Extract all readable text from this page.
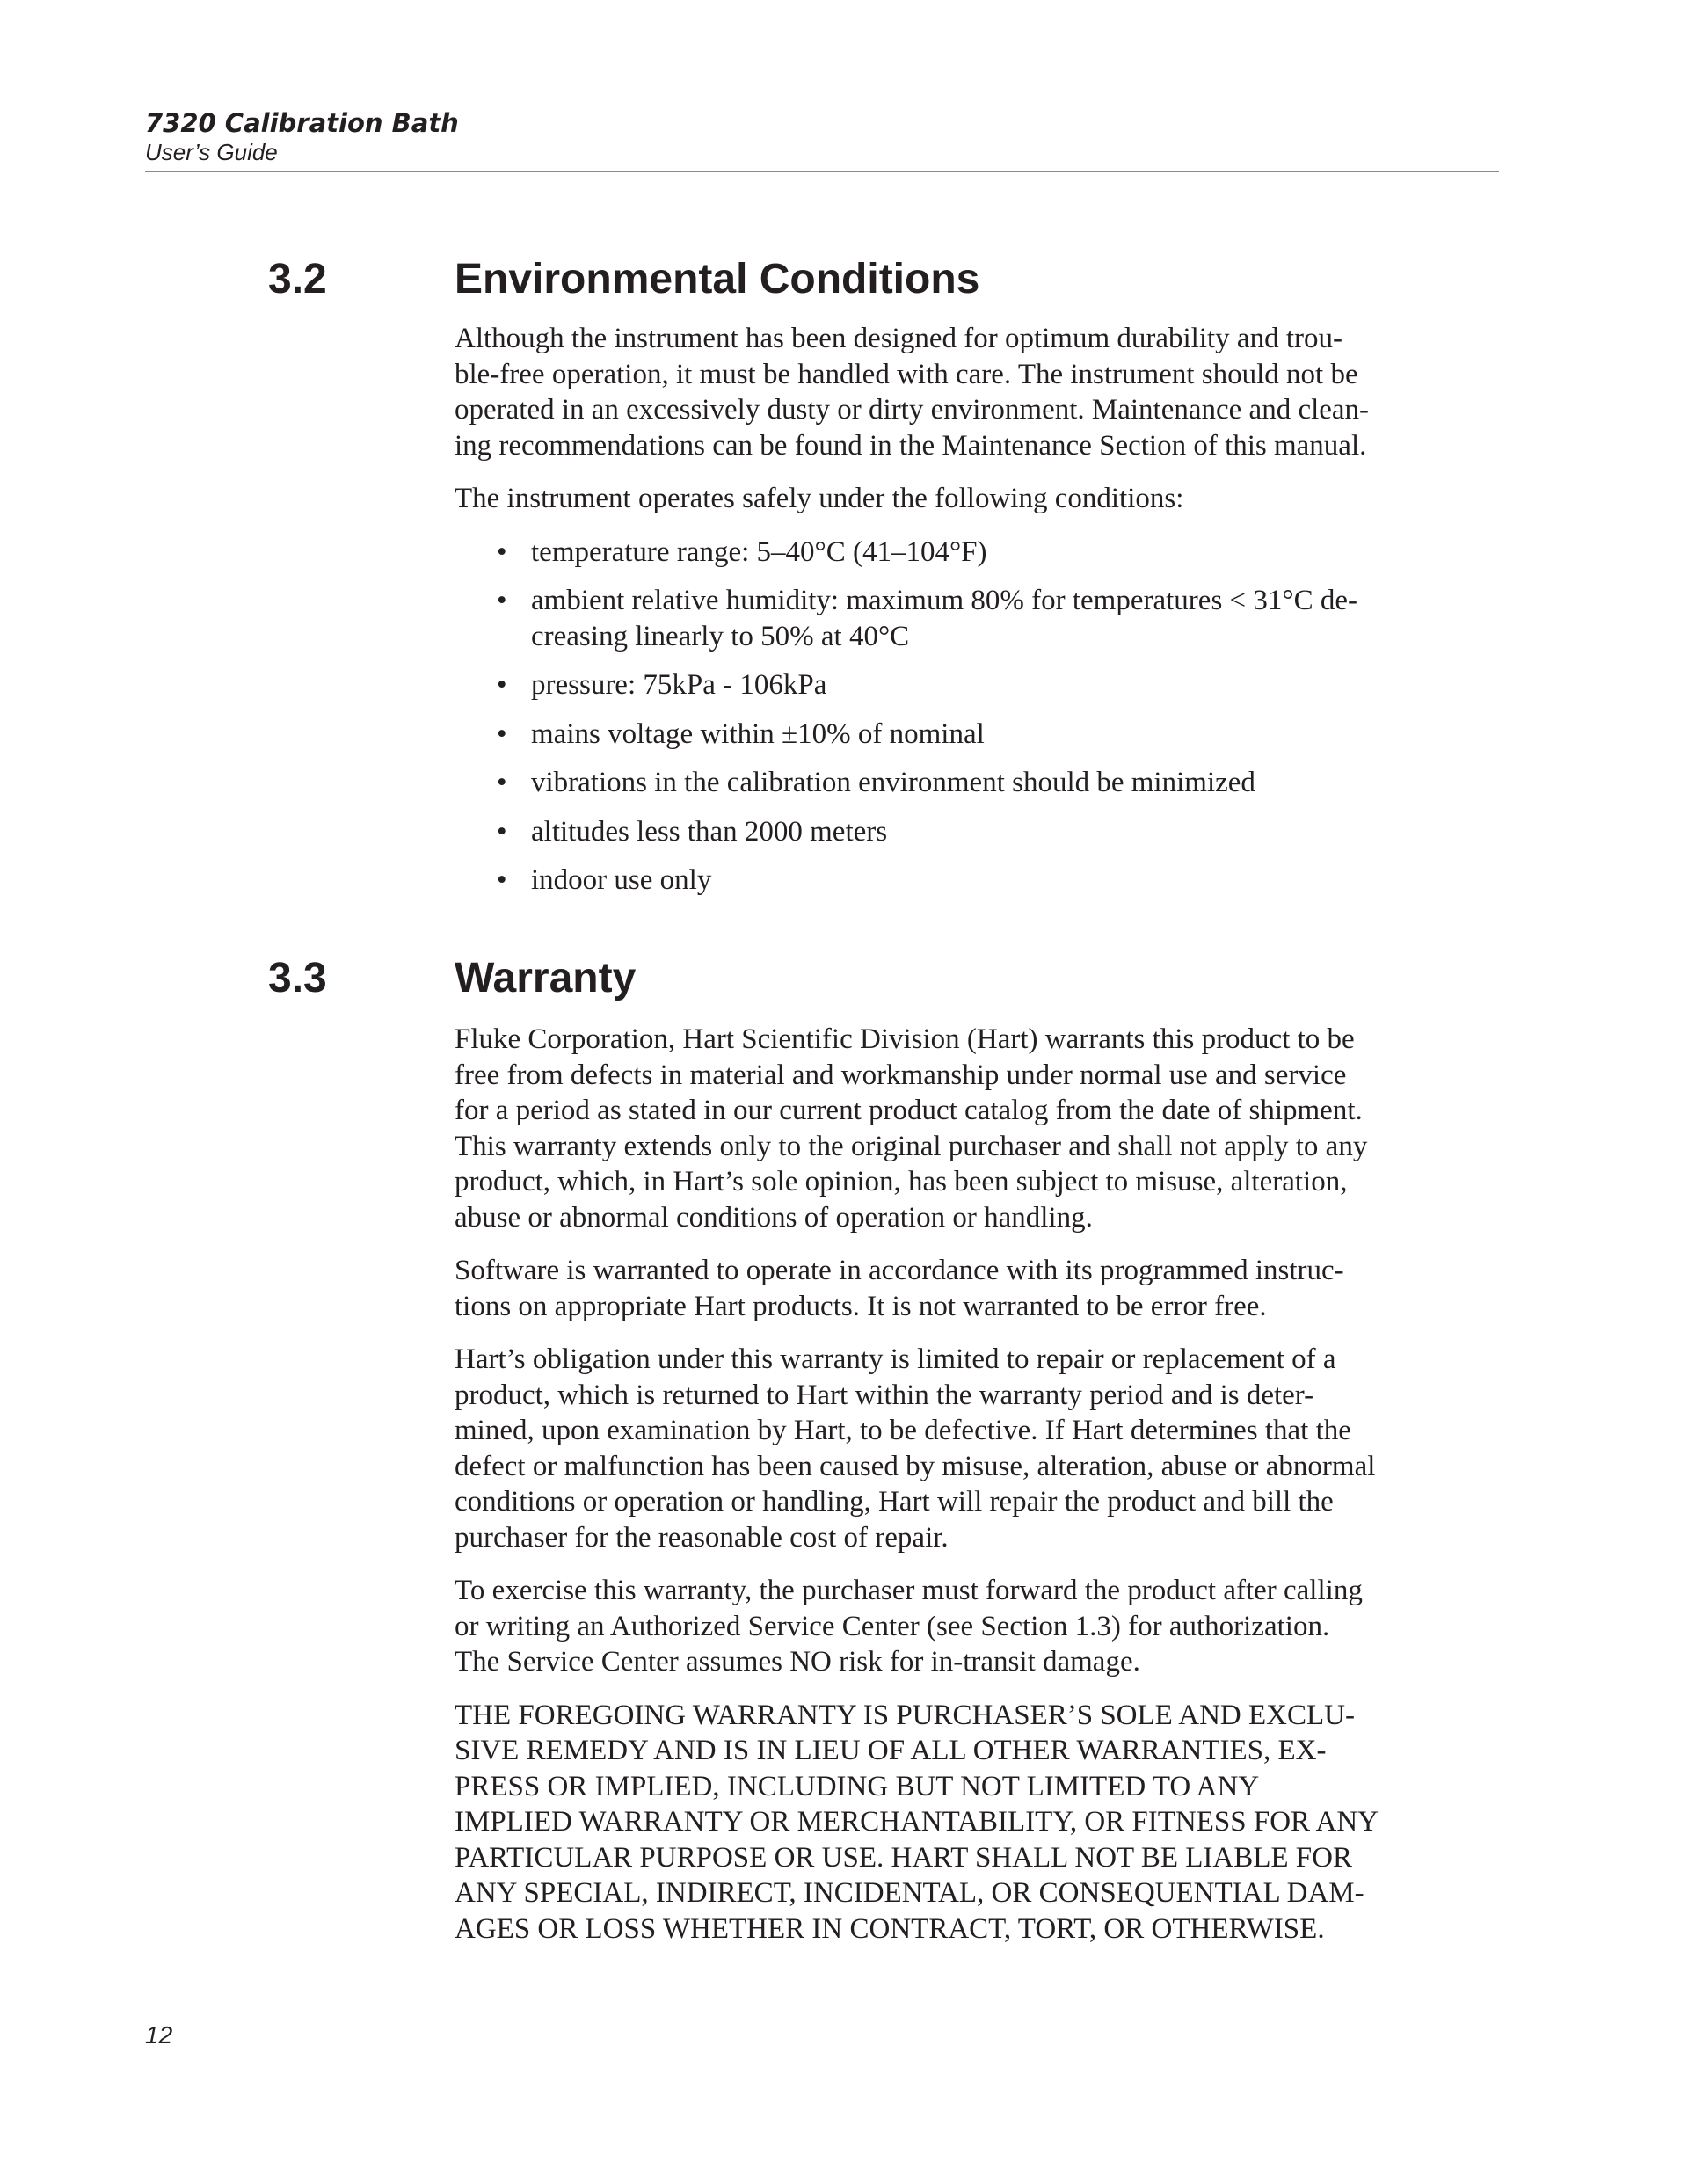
7320 Calibration Bath

User’s Guide

3.2	Environmental Conditions
Although the instrument has been designed for optimum durability and trou-
ble-free operation, it must be handled with care. The instrument should not be
operated in an excessively dusty or dirty environment. Maintenance and clean-
ing recommendations can be found in the Maintenance Section of this manual.
The instrument operates safely under the following conditions:
• temperature range: 5–40°C (41–104°F)
• ambient relative humidity: maximum 80% for temperatures < 31°C de-
creasing linearly to 50% at 40°C
• pressure: 75kPa - 106kPa
• mains voltage within ±10% of nominal
• vibrations in the calibration environment should be minimized
• altitudes less than 2000 meters
• indoor use only
3.3	Warranty
Fluke Corporation, Hart Scientific Division (Hart) warrants this product to be
free from defects in material and workmanship under normal use and service
for a period as stated in our current product catalog from the date of shipment.
This warranty extends only to the original purchaser and shall not apply to any
product, which, in Hart’s sole opinion, has been subject to misuse, alteration,
abuse or abnormal conditions of operation or handling.
Software is warranted to operate in accordance with its programmed instruc-
tions on appropriate Hart products. It is not warranted to be error free.
Hart’s obligation under this warranty is limited to repair or replacement of a
product, which is returned to Hart within the warranty period and is deter-
mined, upon examination by Hart, to be defective. If Hart determines that the
defect or malfunction has been caused by misuse, alteration, abuse or abnormal
conditions or operation or handling, Hart will repair the product and bill the
purchaser for the reasonable cost of repair.
To exercise this warranty, the purchaser must forward the product after calling
or writing an Authorized Service Center (see Section 1.3) for authorization.
The Service Center assumes NO risk for in-transit damage.
THE FOREGOING WARRANTY IS PURCHASER’S SOLE AND EXCLU-
SIVE REMEDY AND IS IN LIEU OF ALL OTHER WARRANTIES, EX-
PRESS OR IMPLIED, INCLUDING BUT NOT LIMITED TO ANY
IMPLIED WARRANTY OR MERCHANTABILITY, OR FITNESS FOR ANY
PARTICULAR PURPOSE OR USE. HART SHALL NOT BE LIABLE FOR
ANY SPECIAL, INDIRECT, INCIDENTAL, OR CONSEQUENTIAL DAM-
AGES OR LOSS WHETHER IN CONTRACT, TORT, OR OTHERWISE.
12
